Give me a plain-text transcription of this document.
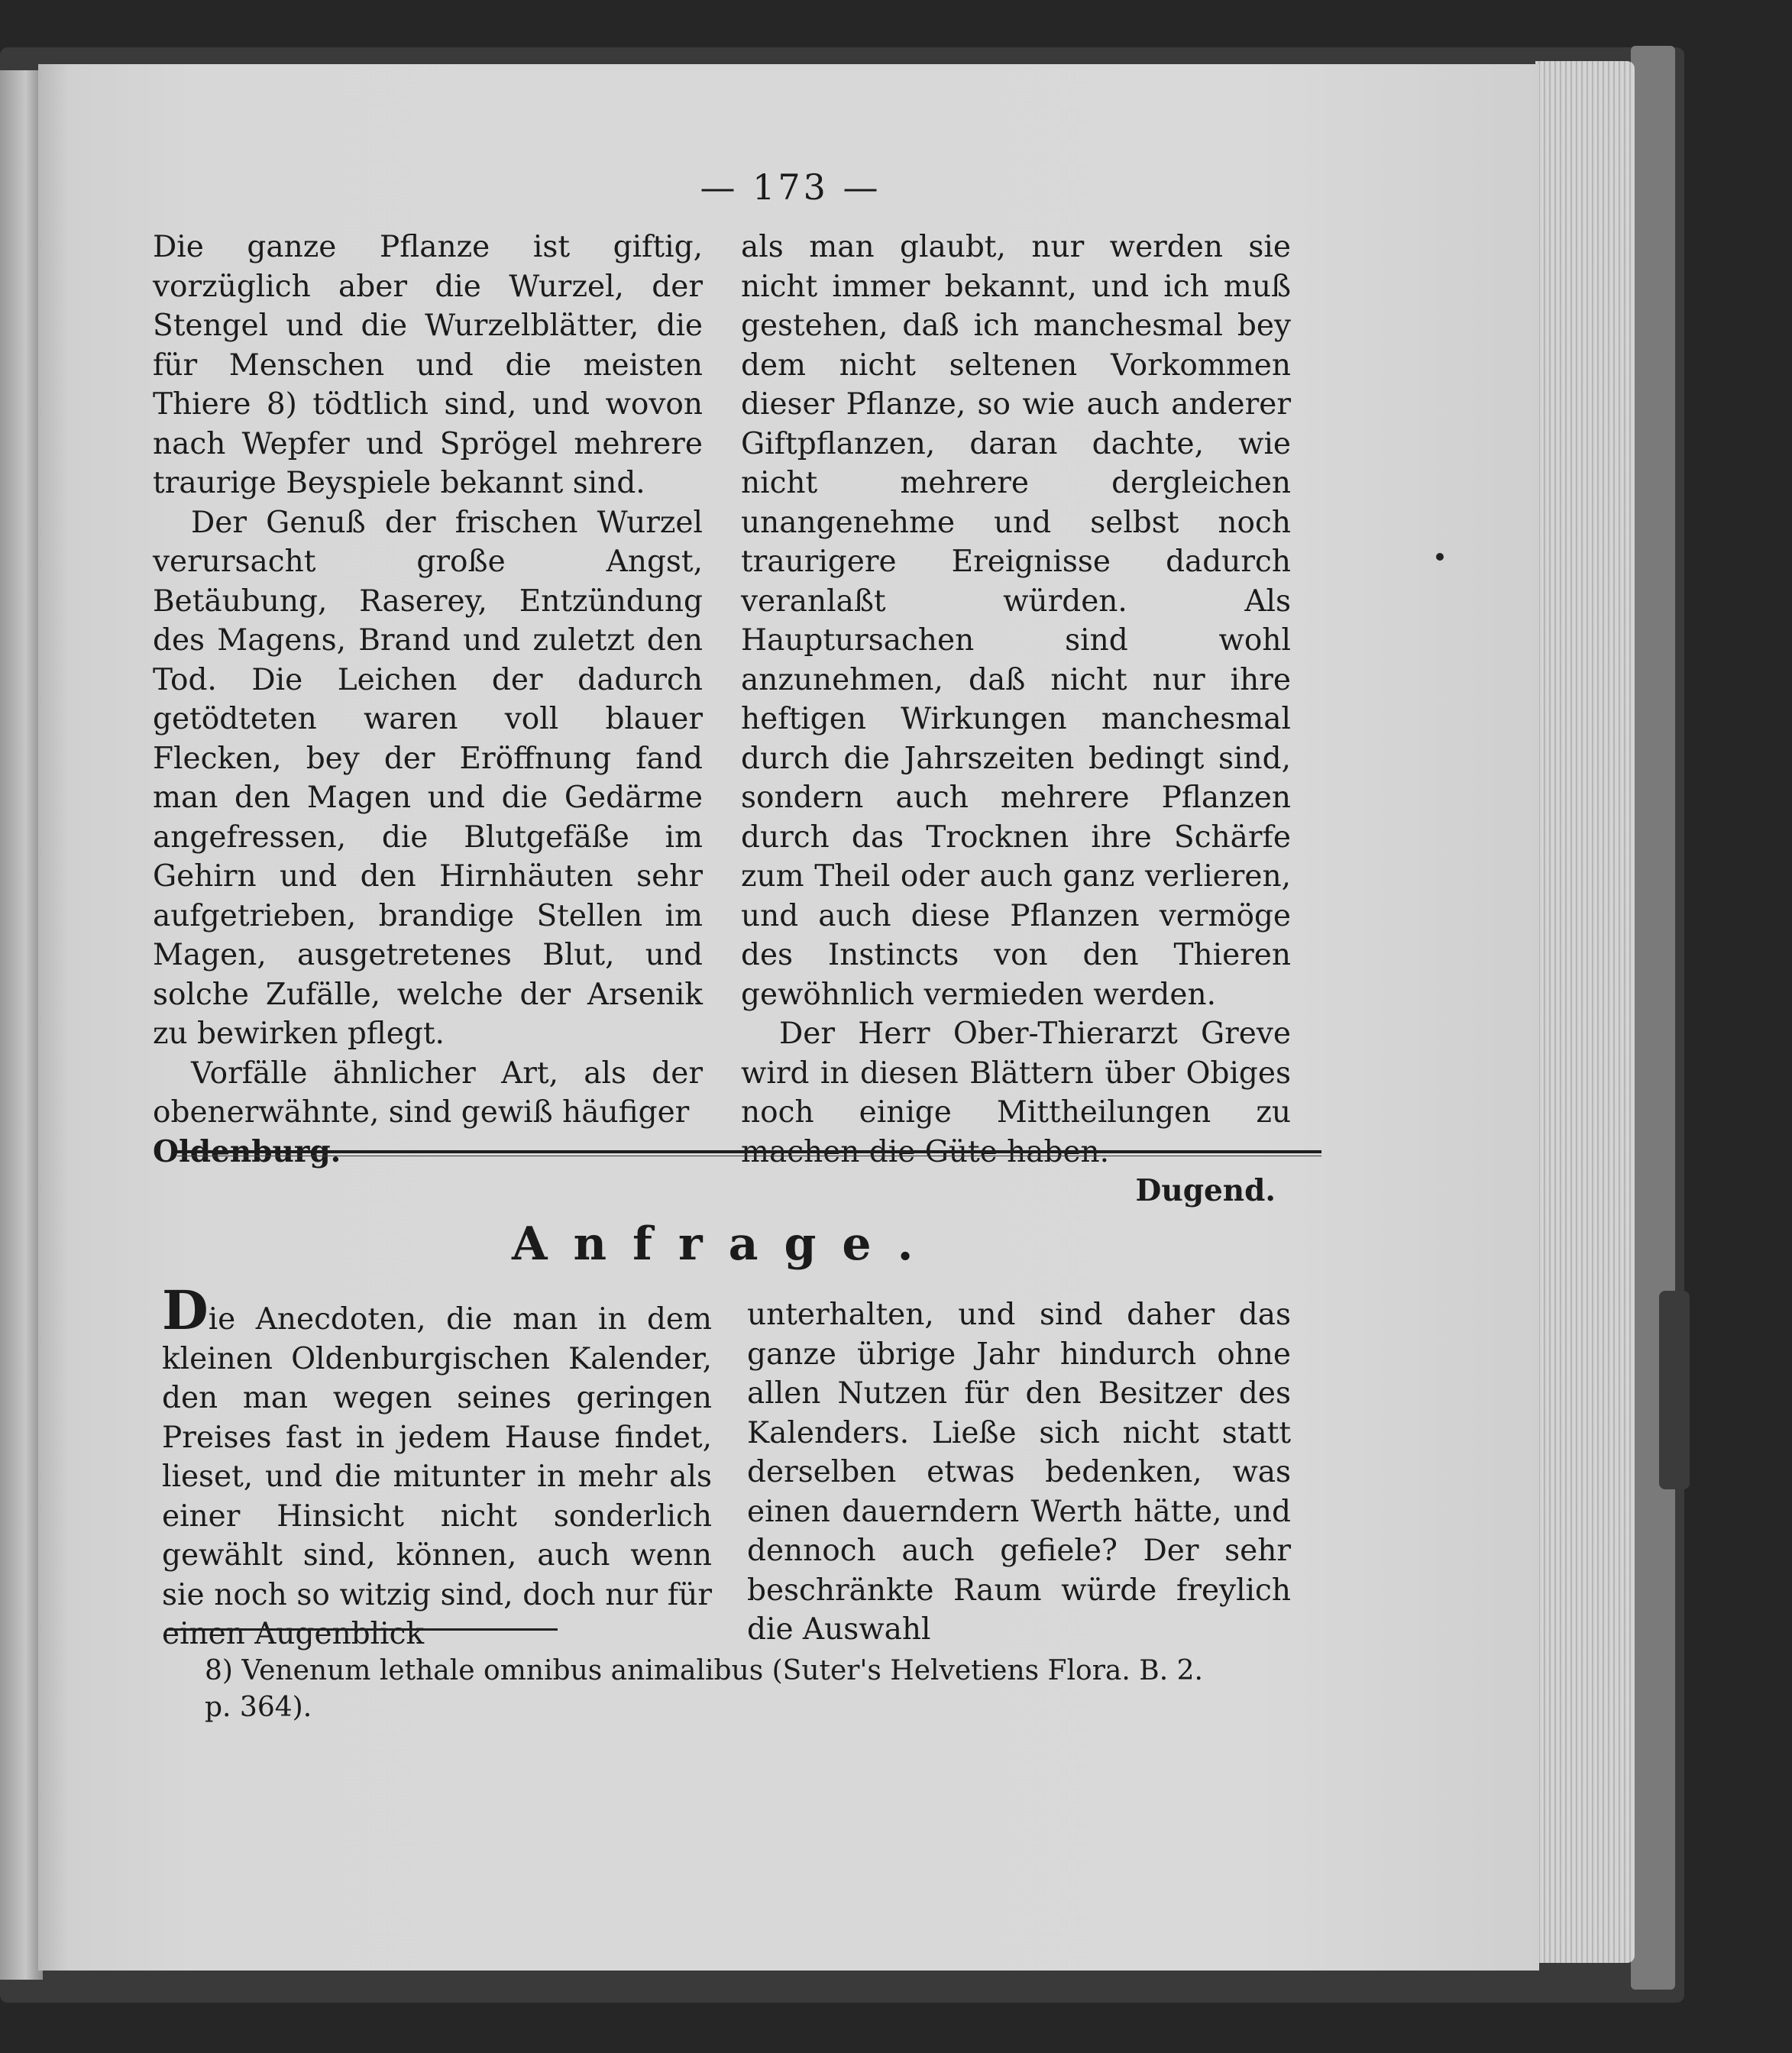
— 173 —

Die ganze Pflanze ist giftig, vorzüglich aber die Wurzel, der Stengel und die Wurzelblätter, die für Menschen und die meisten Thiere 8) tödtlich sind, und wovon nach Wepfer und Sprögel mehrere traurige Beyspiele bekannt sind.

Der Genuß der frischen Wurzel verursacht große Angst, Betäubung, Raserey, Entzündung des Magens, Brand und zuletzt den Tod. Die Leichen der dadurch getödteten waren voll blauer Flecken, bey der Eröffnung fand man den Magen und die Gedärme angefressen, die Blutgefäße im Gehirn und den Hirnhäuten sehr aufgetrieben, brandige Stellen im Magen, ausgetretenes Blut, und solche Zufälle, welche der Arsenik zu bewirken pflegt.

Vorfälle ähnlicher Art, als der obenerwähnte, sind gewiß häufiger

Oldenburg.

als man glaubt, nur werden sie nicht immer bekannt, und ich muß gestehen, daß ich manchesmal bey dem nicht seltenen Vorkommen dieser Pflanze, so wie auch anderer Giftpflanzen, daran dachte, wie nicht mehrere dergleichen unangenehme und selbst noch traurigere Ereignisse dadurch veranlaßt würden. Als Hauptursachen sind wohl anzunehmen, daß nicht nur ihre heftigen Wirkungen manchesmal durch die Jahrszeiten bedingt sind, sondern auch mehrere Pflanzen durch das Trocknen ihre Schärfe zum Theil oder auch ganz verlieren, und auch diese Pflanzen vermöge des Instincts von den Thieren gewöhnlich vermieden werden.

Der Herr Ober-Thierarzt Greve wird in diesen Blättern über Obiges noch einige Mittheilungen zu machen die Güte haben.

Dugend.

Anfrage.

Die Anecdoten, die man in dem kleinen Oldenburgischen Kalender, den man wegen seines geringen Preises fast in jedem Hause findet, lieset, und die mitunter in mehr als einer Hinsicht nicht sonderlich gewählt sind, können, auch wenn sie noch so witzig sind, doch nur für einen Augenblick

unterhalten, und sind daher das ganze übrige Jahr hindurch ohne allen Nutzen für den Besitzer des Kalenders. Ließe sich nicht statt derselben etwas bedenken, was einen dauerndern Werth hätte, und dennoch auch gefiele? Der sehr beschränkte Raum würde freylich die Auswahl

8) Venenum lethale omnibus animalibus (Suter's Helvetiens Flora. B. 2.
p. 364).
